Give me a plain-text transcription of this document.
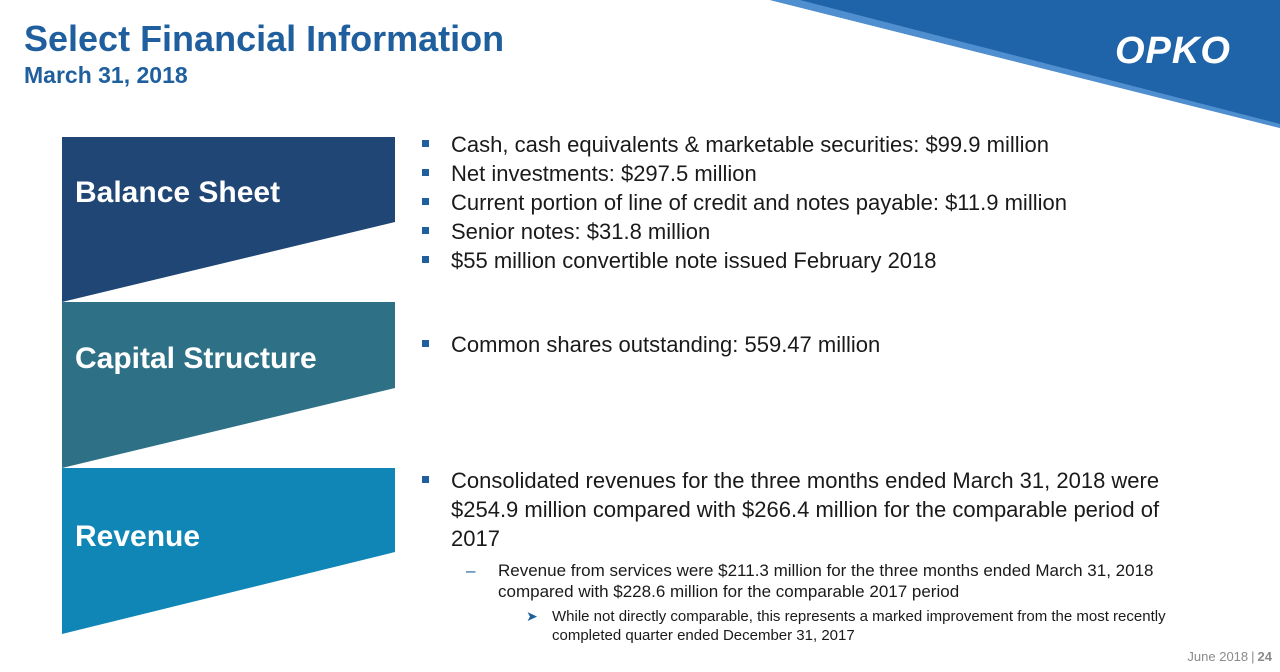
OPKO
Select Financial Information
March 31, 2018
Balance Sheet
Capital Structure
Revenue
Cash, cash equivalents & marketable securities: $99.9 million
Net investments: $297.5 million
Current portion of line of credit and notes payable: $11.9 million
Senior notes: $31.8 million
$55 million convertible note issued February 2018
Common shares outstanding: 559.47 million
Consolidated revenues for the three months ended March 31, 2018 were $254.9 million compared with $266.4 million for the comparable period of 2017
– Revenue from services were $211.3 million for the three months ended March 31, 2018 compared with $228.6 million for the comparable 2017 period
➤ While not directly comparable, this represents a marked improvement from the most recently completed quarter ended December 31, 2017
June 2018 | 24
